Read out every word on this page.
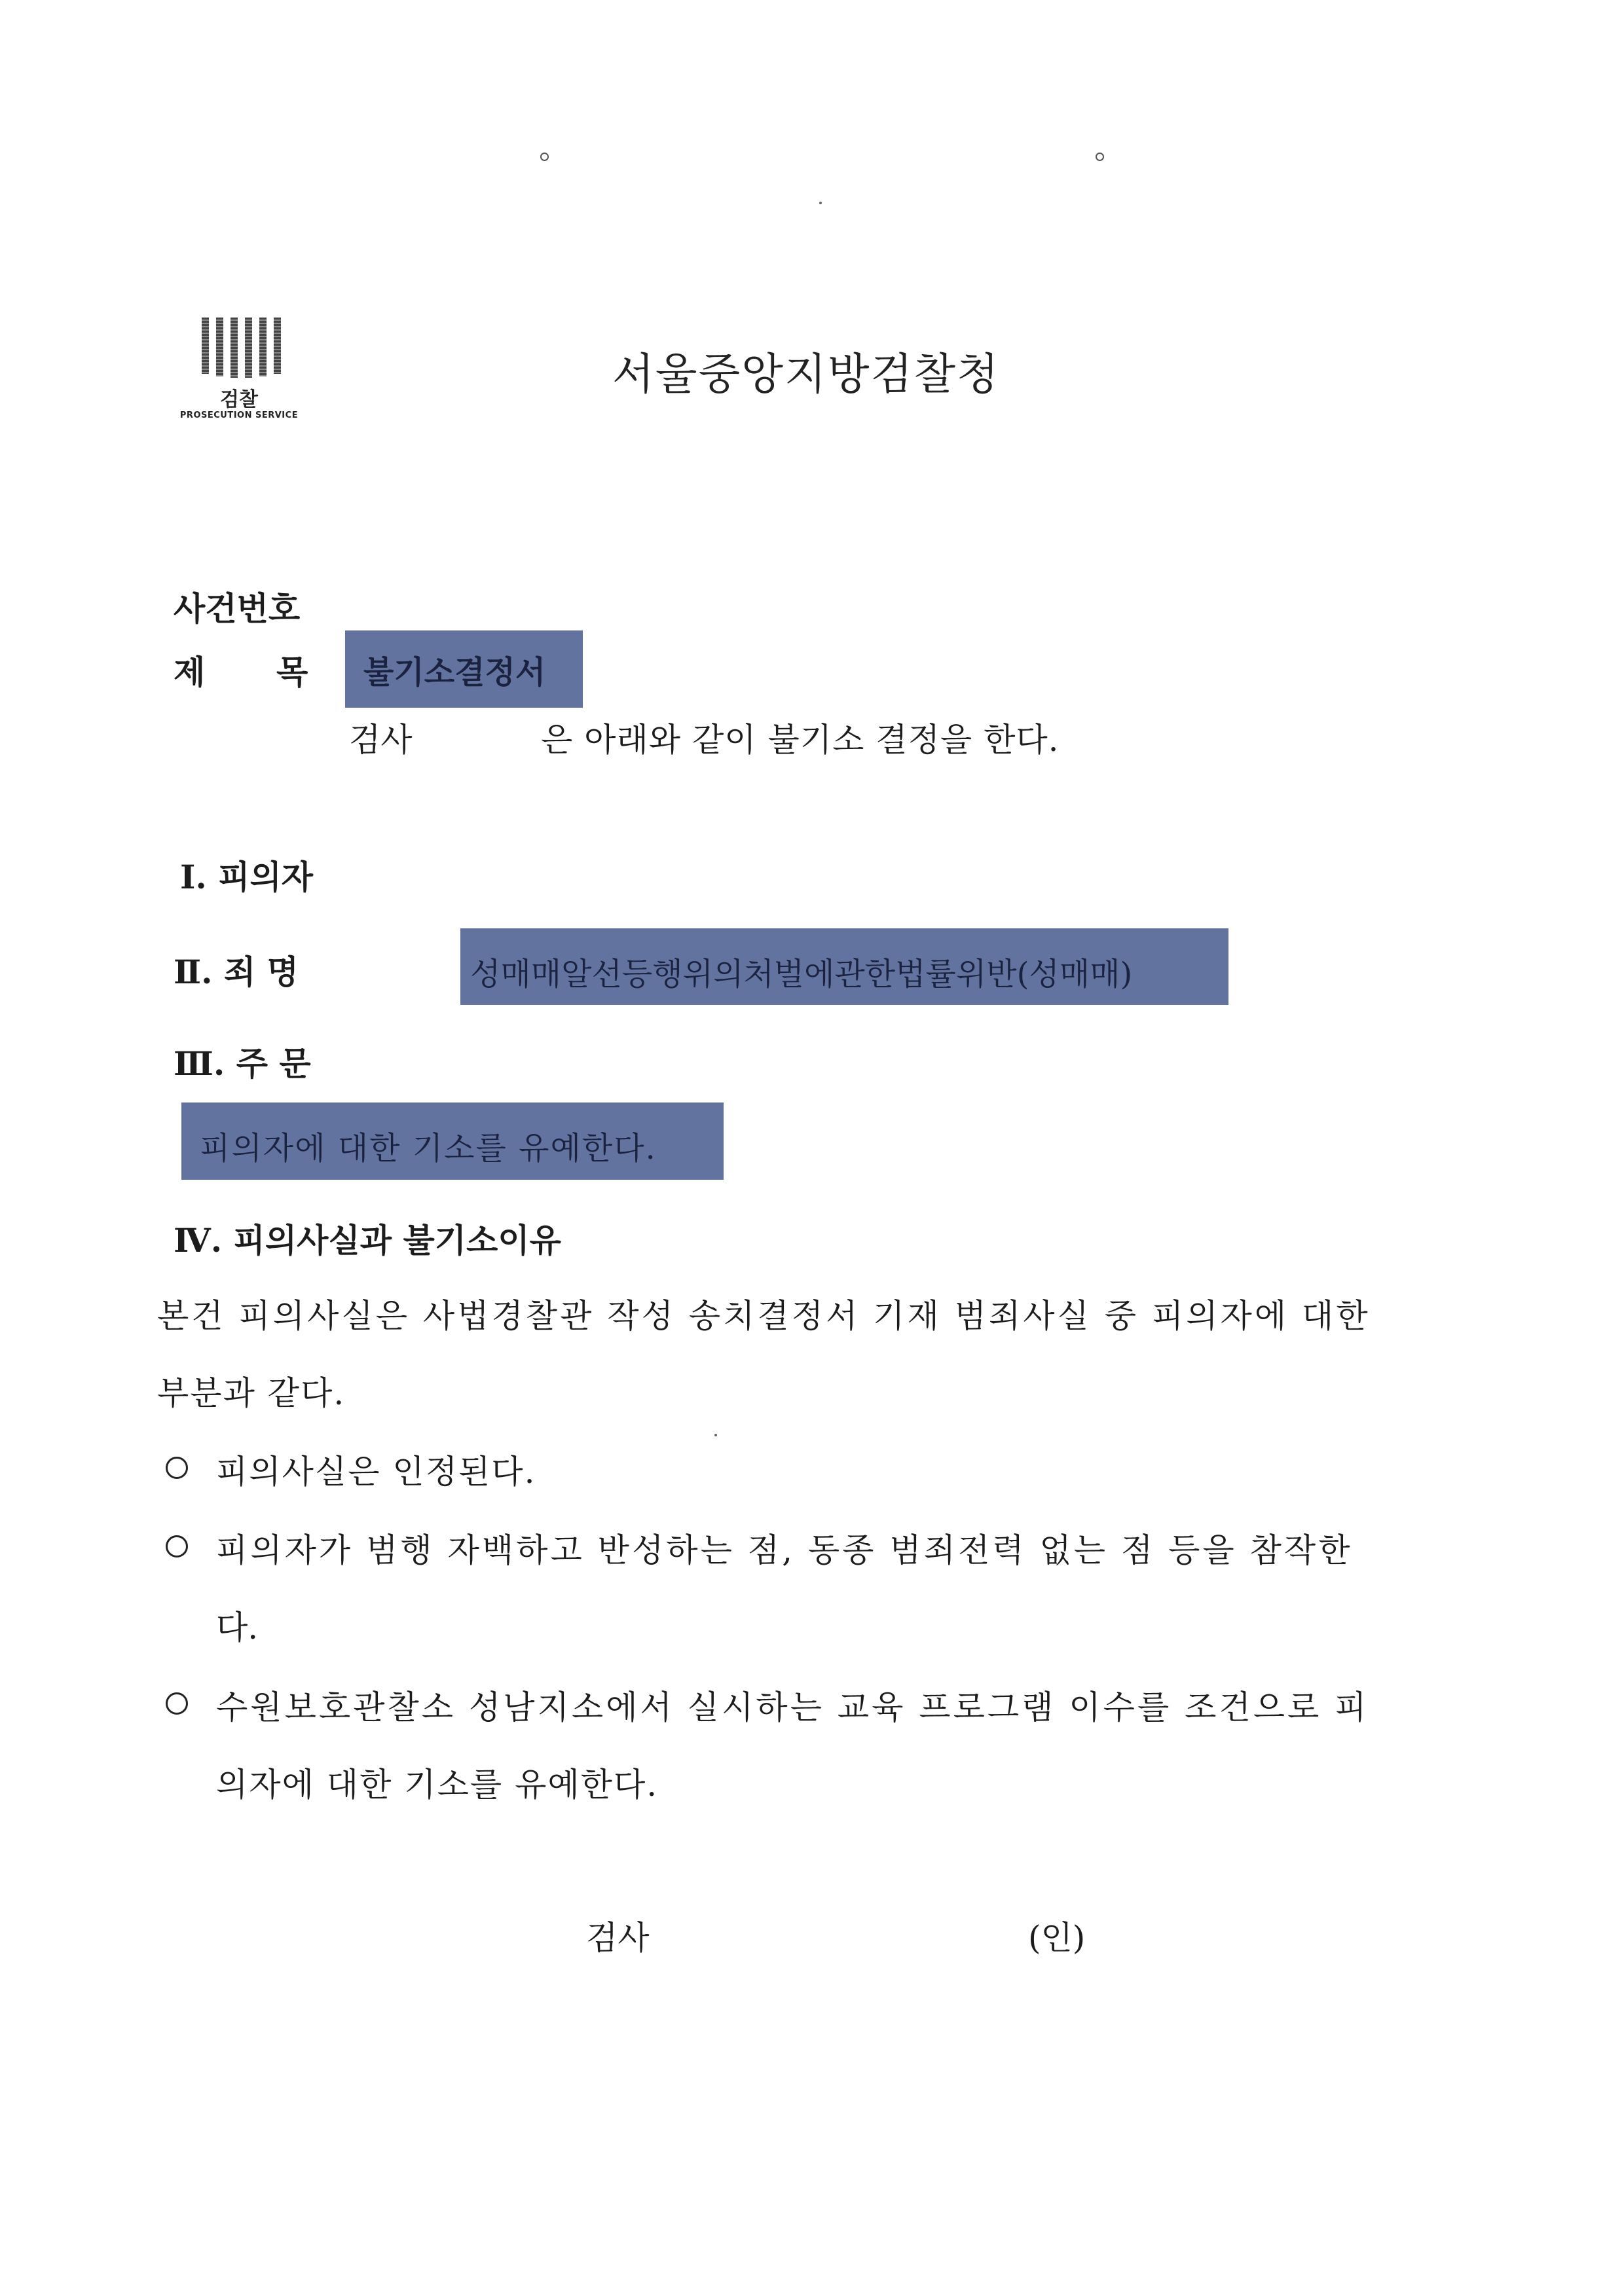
검찰
PROSECUTION SERVICE
서울중앙지방검찰청
사건번호
제 목 불기소결정서
검사	은 아래와 같이 불기소 결정을 한다.
Ⅰ. 피의자
Ⅱ. 죄 명	성매매알선등행위의처벌에관한법률위반(성매매)
Ⅲ. 주 문
피의자에 대한 기소를 유예한다.
Ⅳ. 피의사실과 불기소이유
본건 피의사실은 사법경찰관 작성 송치결정서 기재 범죄사실 중 피의자에 대한
부분과 같다.
피의사실은 인정된다.
피의자가 범행 자백하고 반성하는 점, 동종 범죄전력 없는 점 등을 참작한
다.
수원보호관찰소 성남지소에서 실시하는 교육 프로그램 이수를 조건으로 피
의자에 대한 기소를 유예한다.
검사	(인)
